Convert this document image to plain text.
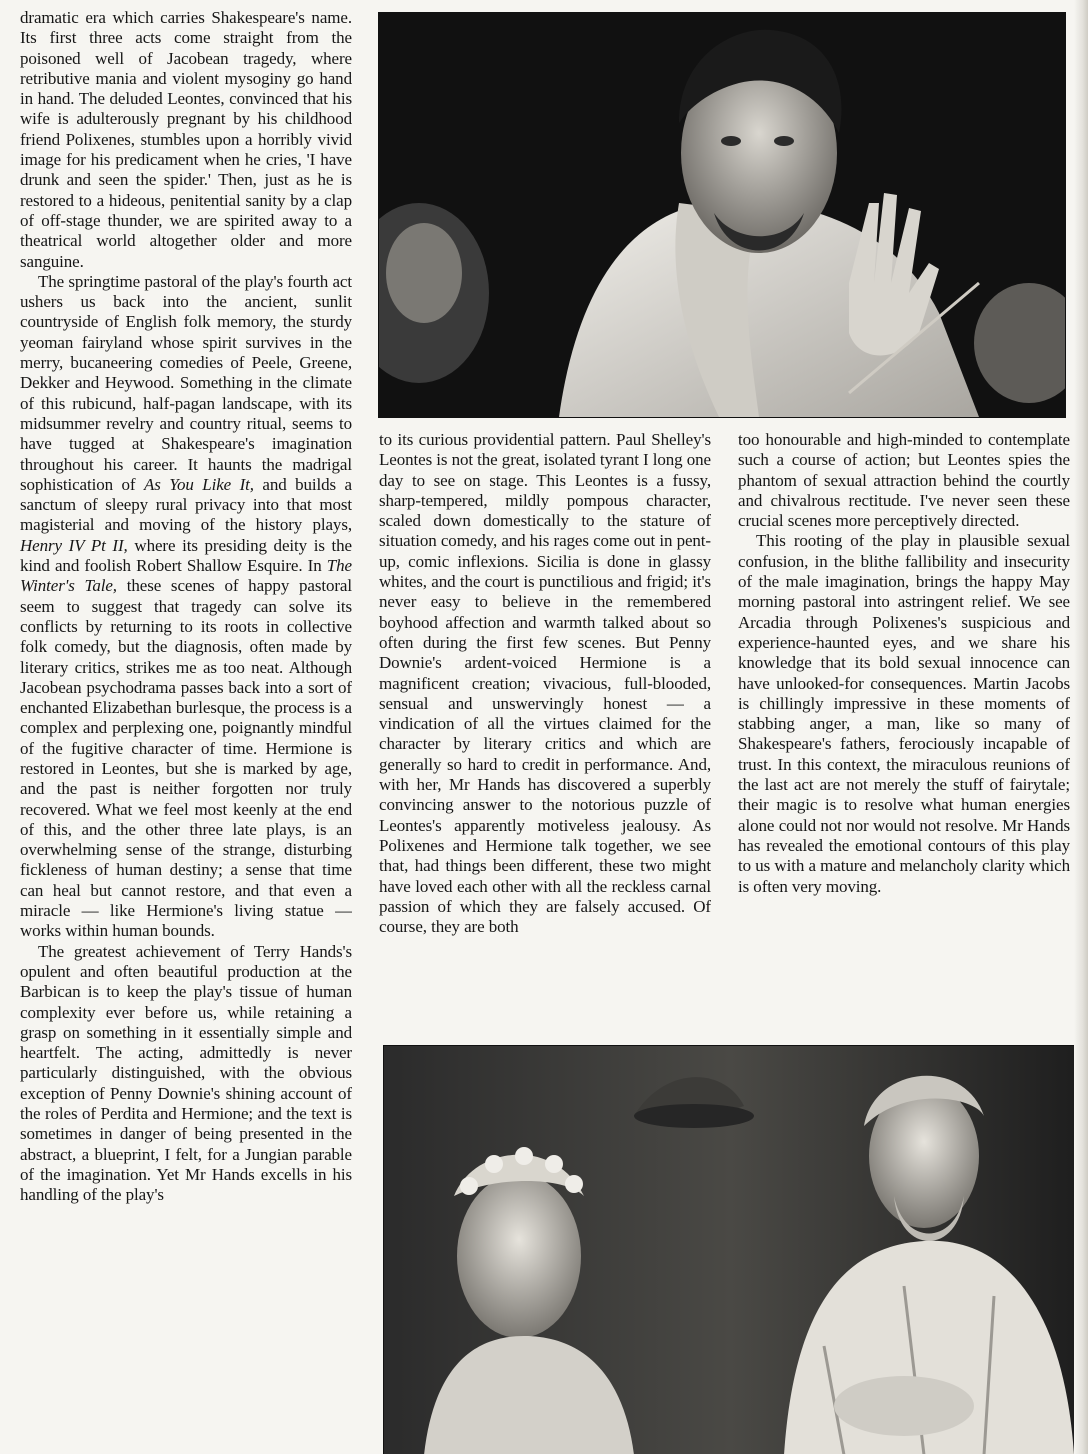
dramatic era which carries Shakespeare's name. Its first three acts come straight from the poisoned well of Jacobean tragedy, where retributive mania and violent mysoginy go hand in hand. The deluded Leontes, convinced that his wife is adulterously pregnant by his childhood friend Polixenes, stumbles upon a horribly vivid image for his predicament when he cries, 'I have drunk and seen the spider.' Then, just as he is restored to a hideous, penitential sanity by a clap of off-stage thunder, we are spirited away to a theatrical world altogether older and more sanguine.

The springtime pastoral of the play's fourth act ushers us back into the ancient, sunlit countryside of English folk memory, the sturdy yeoman fairyland whose spirit survives in the merry, bucaneering comedies of Peele, Greene, Dekker and Heywood. Something in the climate of this rubicund, half-pagan landscape, with its midsummer revelry and country ritual, seems to have tugged at Shakespeare's imagination throughout his career. It haunts the madrigal sophistication of As You Like It, and builds a sanctum of sleepy rural privacy into that most magisterial and moving of the history plays, Henry IV Pt II, where its presiding deity is the kind and foolish Robert Shallow Esquire. In The Winter's Tale, these scenes of happy pastoral seem to suggest that tragedy can solve its conflicts by returning to its roots in collective folk comedy, but the diagnosis, often made by literary critics, strikes me as too neat. Although Jacobean psychodrama passes back into a sort of enchanted Elizabethan burlesque, the process is a complex and perplexing one, poignantly mindful of the fugitive character of time. Hermione is restored in Leontes, but she is marked by age, and the past is neither forgotten nor truly recovered. What we feel most keenly at the end of this, and the other three late plays, is an overwhelming sense of the strange, disturbing fickleness of human destiny; a sense that time can heal but cannot restore, and that even a miracle — like Hermione's living statue — works within human bounds.

The greatest achievement of Terry Hands's opulent and often beautiful production at the Barbican is to keep the play's tissue of human complexity ever before us, while retaining a grasp on something in it essentially simple and heartfelt. The acting, admittedly is never particularly distinguished, with the obvious exception of Penny Downie's shining account of the roles of Perdita and Hermione; and the text is sometimes in danger of being presented in the abstract, a blueprint, I felt, for a Jungian parable of the imagination. Yet Mr Hands excells in his handling of the play's

to its curious providential pattern. Paul Shelley's Leontes is not the great, isolated tyrant I long one day to see on stage. This Leontes is a fussy, sharp-tempered, mildly pompous character, scaled down domestically to the stature of situation comedy, and his rages come out in pent-up, comic inflexions. Sicilia is done in glassy whites, and the court is punctilious and frigid; it's never easy to believe in the remembered boyhood affection and warmth talked about so often during the first few scenes. But Penny Downie's ardent-voiced Hermione is a magnificent creation; vivacious, full-blooded, sensual and unswervingly honest — a vindication of all the virtues claimed for the character by literary critics and which are generally so hard to credit in performance. And, with her, Mr Hands has discovered a superbly convincing answer to the notorious puzzle of Leontes's apparently motiveless jealousy. As Polixenes and Hermione talk together, we see that, had things been different, these two might have loved each other with all the reckless carnal passion of which they are falsely accused. Of course, they are both

too honourable and high-minded to contemplate such a course of action; but Leontes spies the phantom of sexual attraction behind the courtly and chivalrous rectitude. I've never seen these crucial scenes more perceptively directed.

This rooting of the play in plausible sexual confusion, in the blithe fallibility and insecurity of the male imagination, brings the happy May morning pastoral into astringent relief. We see Arcadia through Polixenes's suspicious and experience-haunted eyes, and we share his knowledge that its bold sexual innocence can have unlooked-for consequences. Martin Jacobs is chillingly impressive in these moments of stabbing anger, a man, like so many of Shakespeare's fathers, ferociously incapable of trust. In this context, the miraculous reunions of the last act are not merely the stuff of fairytale; their magic is to resolve what human energies alone could not nor would not resolve. Mr Hands has revealed the emotional contours of this play to us with a mature and melancholy clarity which is often very moving.
